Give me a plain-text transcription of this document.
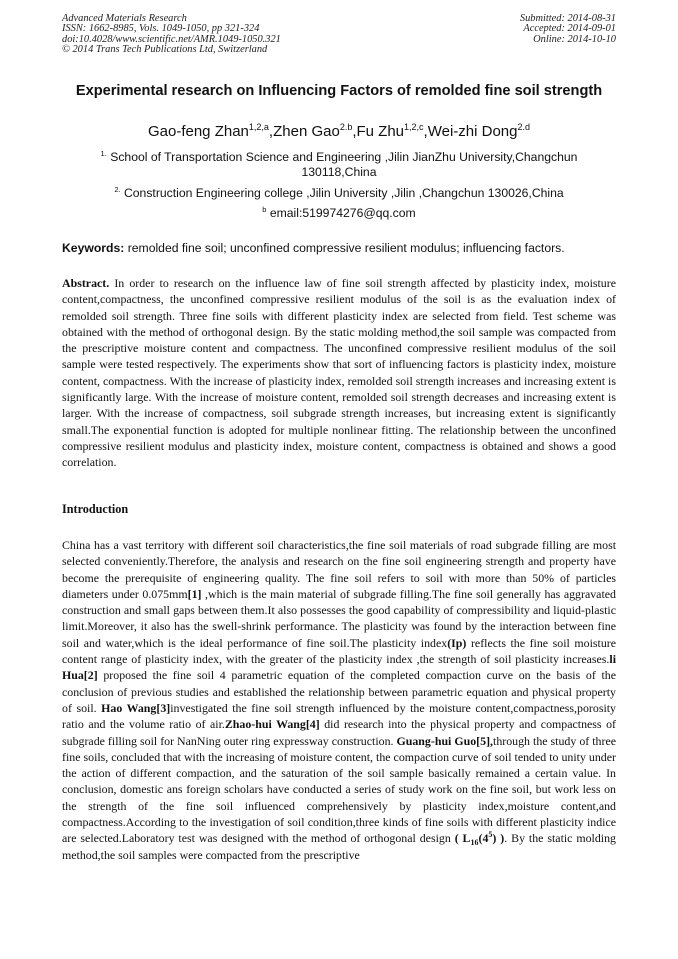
Advanced Materials Research
ISSN: 1662-8985, Vols. 1049-1050, pp 321-324
doi:10.4028/www.scientific.net/AMR.1049-1050.321
© 2014 Trans Tech Publications Ltd, Switzerland
Submitted: 2014-08-31
Accepted: 2014-09-01
Online: 2014-10-10
Experimental research on Influencing Factors of remolded fine soil strength
Gao-feng Zhan$^{1,2,a}$,Zhen Gao$^{2.b}$,Fu Zhu$^{1,2,c}$,Wei-zhi Dong$^{2.d}$
$^{1.}$ School of Transportation Science and Engineering ,Jilin JianZhu University,Changchun 130118,China
$^{2.}$ Construction Engineering college ,Jilin University ,Jilin ,Changchun 130026,China
$^b$ email:519974276@qq.com
Keywords: remolded fine soil; unconfined compressive resilient modulus; influencing factors.
Abstract. In order to research on the influence law of fine soil strength affected by plasticity index, moisture content,compactness, the unconfined compressive resilient modulus of the soil is as the evaluation index of remolded soil strength. Three fine soils with different plasticity index are selected from field. Test scheme was obtained with the method of orthogonal design. By the static molding method,the soil sample was compacted from the prescriptive moisture content and compactness. The unconfined compressive resilient modulus of the soil sample were tested respectively. The experiments show that sort of influencing factors is plasticity index, moisture content, compactness. With the increase of plasticity index, remolded soil strength increases and increasing extent is significantly large. With the increase of moisture content, remolded soil strength decreases and increasing extent is larger. With the increase of compactness, soil subgrade strength increases, but increasing extent is significantly small.The exponential function is adopted for multiple nonlinear fitting. The relationship between the unconfined compressive resilient modulus and plasticity index, moisture content, compactness is obtained and shows a good correlation.
Introduction
China has a vast territory with different soil characteristics,the fine soil materials of road subgrade filling are most selected conveniently.Therefore, the analysis and research on the fine soil engineering strength and property have become the prerequisite of engineering quality. The fine soil refers to soil with more than 50% of particles diameters under 0.075mm[1] ,which is the main material of subgrade filling.The fine soil generally has aggravated construction and small gaps between them.It also possesses the good capability of compressibility and liquid-plastic limit.Moreover, it also has the swell-shrink performance. The plasticity was found by the interaction between fine soil and water,which is the ideal performance of fine soil.The plasticity index(Ip) reflects the fine soil moisture content range of plasticity index, with the greater of the plasticity index ,the strength of soil plasticity increases.li Hua[2] proposed the fine soil 4 parametric equation of the completed compaction curve on the basis of the conclusion of previous studies and established the relationship between parametric equation and physical property of soil. Hao Wang[3]investigated the fine soil strength influenced by the moisture content,compactness,porosity ratio and the volume ratio of air.Zhao-hui Wang[4] did research into the physical property and compactness of subgrade filling soil for NanNing outer ring expressway construction. Guang-hui Guo[5],through the study of three fine soils, concluded that with the increasing of moisture content, the compaction curve of soil tended to unity under the action of different compaction, and the saturation of the soil sample basically remained a certain value. In conclusion, domestic ans foreign scholars have conducted a series of study work on the fine soil, but work less on the strength of the fine soil influenced comprehensively by plasticity index,moisture content,and compactness.According to the investigation of soil condition,three kinds of fine soils with different plasticity indice are selected.Laboratory test was designed with the method of orthogonal design ( $L_{16}(4^5)$ ). By the static molding method,the soil samples were compacted from the prescriptive
